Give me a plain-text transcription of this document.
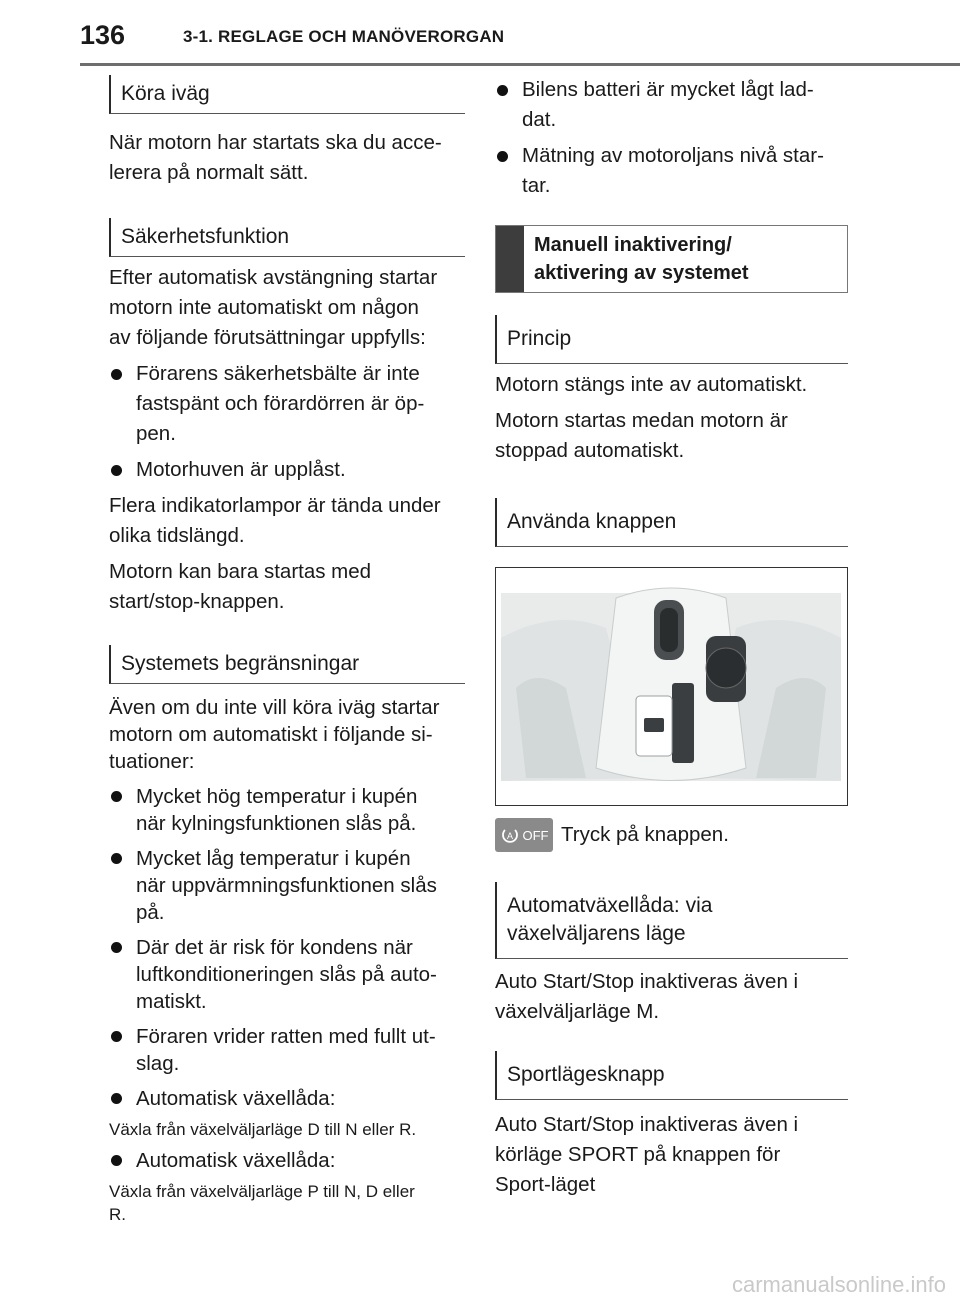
136	3-1. REGLAGE OCH MANÖVERORGAN
Köra iväg

När motorn har startats ska du acce-
lerera på normalt sätt.

Säkerhetsfunktion

Efter automatisk avstängning startar
motorn inte automatiskt om någon
av följande förutsättningar uppfylls:

Förarens säkerhetsbälte är inte
fastspänt och förardörren är öp-
pen.
Motorhuven är upplåst.

Flera indikatorlampor är tända under
olika tidslängd.

Motorn kan bara startas med
start/stop-knappen.

Systemets begränsningar

Även om du inte vill köra iväg startar
motorn om automatiskt i följande si-
tuationer:

Mycket hög temperatur i kupén
när kylningsfunktionen slås på.
Mycket låg temperatur i kupén
när uppvärmningsfunktionen slås
på.
Där det är risk för kondens när
luftkonditioneringen slås på auto-
matiskt.
Föraren vrider ratten med fullt ut-
slag.
Automatisk växellåda:

Växla från växelväljarläge D till N eller R.

Automatisk växellåda:

Växla från växelväljarläge P till N, D eller
R.

Bilens batteri är mycket lågt lad-
dat.
Mätning av motoroljans nivå star-
tar.
Manuell inaktivering/
aktivering av systemet
Princip

Motorn stängs inte av automatiskt.

Motorn startas medan motorn är
stoppad automatiskt.

Använda knappen
A OFF Tryck på knappen.
Automatväxellåda: via
växelväljarens läge

Auto Start/Stop inaktiveras även i
växelväljarläge M.

Sportlägesknapp

Auto Start/Stop inaktiveras även i
körläge SPORT på knappen för
Sport-läget

carmanualsonline.info
